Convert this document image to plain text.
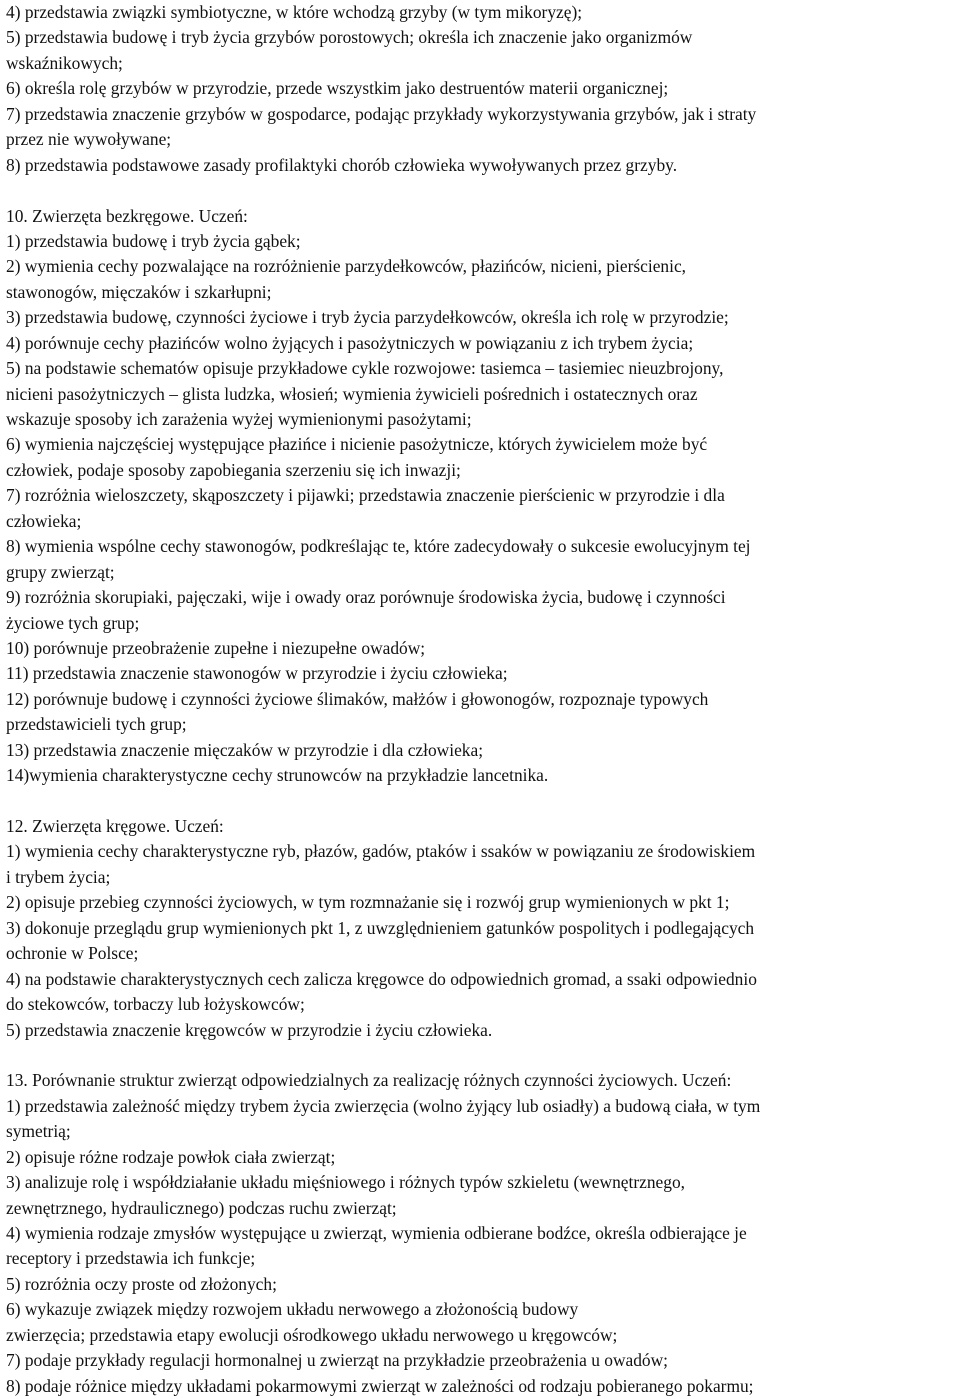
4) przedstawia związki symbiotyczne, w które wchodzą grzyby (w tym mikoryzę);
5) przedstawia budowę i tryb życia grzybów porostowych; określa ich znaczenie jako organizmów
wskaźnikowych;
6) określa rolę grzybów w przyrodzie, przede wszystkim jako destruentów materii organicznej;
7) przedstawia znaczenie grzybów w gospodarce, podając przykłady wykorzystywania grzybów, jak i straty
przez nie wywoływane;
8) przedstawia podstawowe zasady profilaktyki chorób człowieka wywoływanych przez grzyby.
10. Zwierzęta bezkręgowe. Uczeń:
1) przedstawia budowę i tryb życia gąbek;
2) wymienia cechy pozwalające na rozróżnienie parzydełkowców, płazińców, nicieni, pierścienic,
stawonogów, mięczaków i szkarłupni;
3) przedstawia budowę, czynności życiowe i tryb życia parzydełkowców, określa ich rolę w przyrodzie;
4) porównuje cechy płazińców wolno żyjących i pasożytniczych w powiązaniu z ich trybem życia;
5) na podstawie schematów opisuje przykładowe cykle rozwojowe: tasiemca – tasiemiec nieuzbrojony,
nicieni pasożytniczych – glista ludzka, włosień; wymienia żywicieli pośrednich i ostatecznych oraz
wskazuje sposoby ich zarażenia wyżej wymienionymi pasożytami;
6) wymienia najczęściej występujące płazińce i nicienie pasożytnicze, których żywicielem może być
człowiek, podaje sposoby zapobiegania szerzeniu się ich inwazji;
7) rozróżnia wieloszczety, skąposzczety i pijawki; przedstawia znaczenie pierścienic w przyrodzie i dla
człowieka;
8) wymienia wspólne cechy stawonogów, podkreślając te, które zadecydowały o sukcesie ewolucyjnym tej
grupy zwierząt;
9) rozróżnia skorupiaki, pajęczaki, wije i owady oraz porównuje środowiska życia, budowę i czynności
życiowe tych grup;
10) porównuje przeobrażenie zupełne i niezupełne owadów;
11) przedstawia znaczenie stawonogów w przyrodzie i życiu człowieka;
12) porównuje budowę i czynności życiowe ślimaków, małżów i głowonogów, rozpoznaje typowych
przedstawicieli tych grup;
13) przedstawia znaczenie mięczaków w przyrodzie i dla człowieka;
14)wymienia charakterystyczne cechy strunowców na przykładzie lancetnika.
12. Zwierzęta kręgowe. Uczeń:
1) wymienia cechy charakterystyczne ryb, płazów, gadów, ptaków i ssaków w powiązaniu ze środowiskiem
i trybem życia;
2) opisuje przebieg czynności życiowych, w tym rozmnażanie się i rozwój grup wymienionych w pkt 1;
3) dokonuje przeglądu grup wymienionych pkt 1, z uwzględnieniem gatunków pospolitych i podlegających
ochronie w Polsce;
4) na podstawie charakterystycznych cech zalicza kręgowce do odpowiednich gromad, a ssaki odpowiednio
do stekowców, torbaczy lub łożyskowców;
5) przedstawia znaczenie kręgowców w przyrodzie i życiu człowieka.
13. Porównanie struktur zwierząt odpowiedzialnych za realizację różnych czynności życiowych. Uczeń:
1) przedstawia zależność między trybem życia zwierzęcia (wolno żyjący lub osiadły) a budową ciała, w tym
symetrią;
2) opisuje różne rodzaje powłok ciała zwierząt;
3) analizuje rolę i współdziałanie układu mięśniowego i różnych typów szkieletu (wewnętrznego,
zewnętrznego, hydraulicznego) podczas ruchu zwierząt;
4) wymienia rodzaje zmysłów występujące u zwierząt, wymienia odbierane bodźce, określa odbierające je
receptory i przedstawia ich funkcje;
5) rozróżnia oczy proste od złożonych;
6) wykazuje związek między rozwojem układu nerwowego a złożonością budowy
zwierzęcia; przedstawia etapy ewolucji ośrodkowego układu nerwowego u kręgowców;
7) podaje przykłady regulacji hormonalnej u zwierząt na przykładzie przeobrażenia u owadów;
8) podaje różnice między układami pokarmowymi zwierząt w zależności od rodzaju pobieranego pokarmu;
